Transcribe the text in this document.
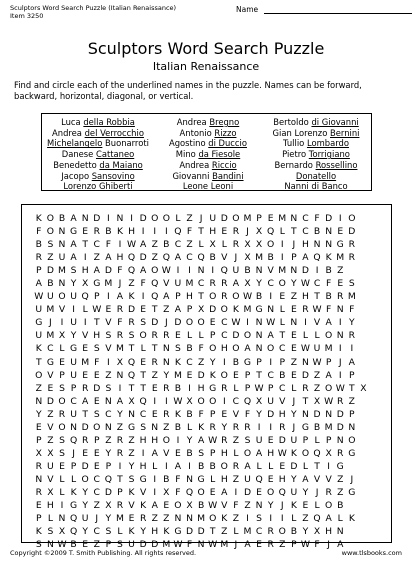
Sculptors Word Search Puzzle (Italian Renaissance)
Item 3250
Name
Sculptors Word Search Puzzle
Italian Renaissance
Find and circle each of the underlined names in the puzzle. Names can be forward, backward, horizontal, diagonal, or vertical.
Luca della Robbia
Andrea del Verrocchio
Michelangelo Buonarroti
Danese Cattaneo
Benedetto da Maiano
Jacopo Sansovino
Lorenzo Ghiberti
Andrea Bregno
Antonio Rizzo
Agostino di Duccio
Mino da Fiesole
Andrea Riccio
Giovanni Bandini
Leone Leoni
Bertoldo di Giovanni
Gian Lorenzo Bernini
Tullio Lombardo
Pietro Torrigiano
Bernardo Rossellino
Donatello
Nanni di Banco
K O B A N D I N I D O O L Z J U D O M P E M N C F D I O
F O N G E R B K H I I I Q F T H E R J X Q L T C B N E D
B S N A T C F I W A Z B C Z L X L R X X O I J H N N G R
R Z U A I Z A H Q D Z Q A C Q B V J X M B I P A Q K M R
P D M S H A D F Q A O W I I N I Q U B N V M N D I B Z
A B N Y X G M J Z F Q V U M C R R A X Y C O Y W C F E S
W U O U Q P I A K I Q A P H T O R O W B I E Z H T B R M
U M V I L W E R D E T Z A P X D O K M G N L E R W F N F
G J I U I T V F R S D J D O O E C W I N W L N I V A I Y
U M X Y V H S R S O R R E L L P C D O N A T E L L O N R
K C L G E S V M T L T N S B F O H O A N O C E W U M I I
T G E U M F I X Q E R N K C Z Y I B G P I P Z N W P J A
O V P U E E Z N Q T Z Y M E D K O E P T C B E D Z A I P
Z E S P R D S I T T E R B I H G R L P W P C L R Z O W T X
N D O C A E N A X Q I I W X O O I C Q X U V J T X W R Z
Y Z R U T S C Y N C E R K B F P E V F Y D H Y N D N D P
E V O N D O N Z G S N Z B L K R Y R R I I R J G B M D N
P Z S Q R P Z R Z H H O I Y A W R Z S U E D U P L P N O
X X S J E E Y R Z I A V E B S P H L O A H W K O Q X R G
R U E P D E P I Y H L I A I B B O R A L L E D L T I G
N V L L O C Q T S G I B F N G L H Z U Q E H Y A V V Z J
R X L K Y C D P K V I X F Q O E A I D E O Q U Y J R Z G
E H I G Y Z X R V K A E O X B W V F Z N Y J K E L O B
P L N Q U J Y M E R Z Z N N M O K Z I S I I L Z Q A L K
K S X Q Y C S L K Y H K G D D T Z L M C R O B Y X H N
S N W B E Z P S U D D M W F N W M J A E R Z P W F J A
Copyright ©2009 T. Smith Publishing. All rights reserved.	www.tlsbooks.com
